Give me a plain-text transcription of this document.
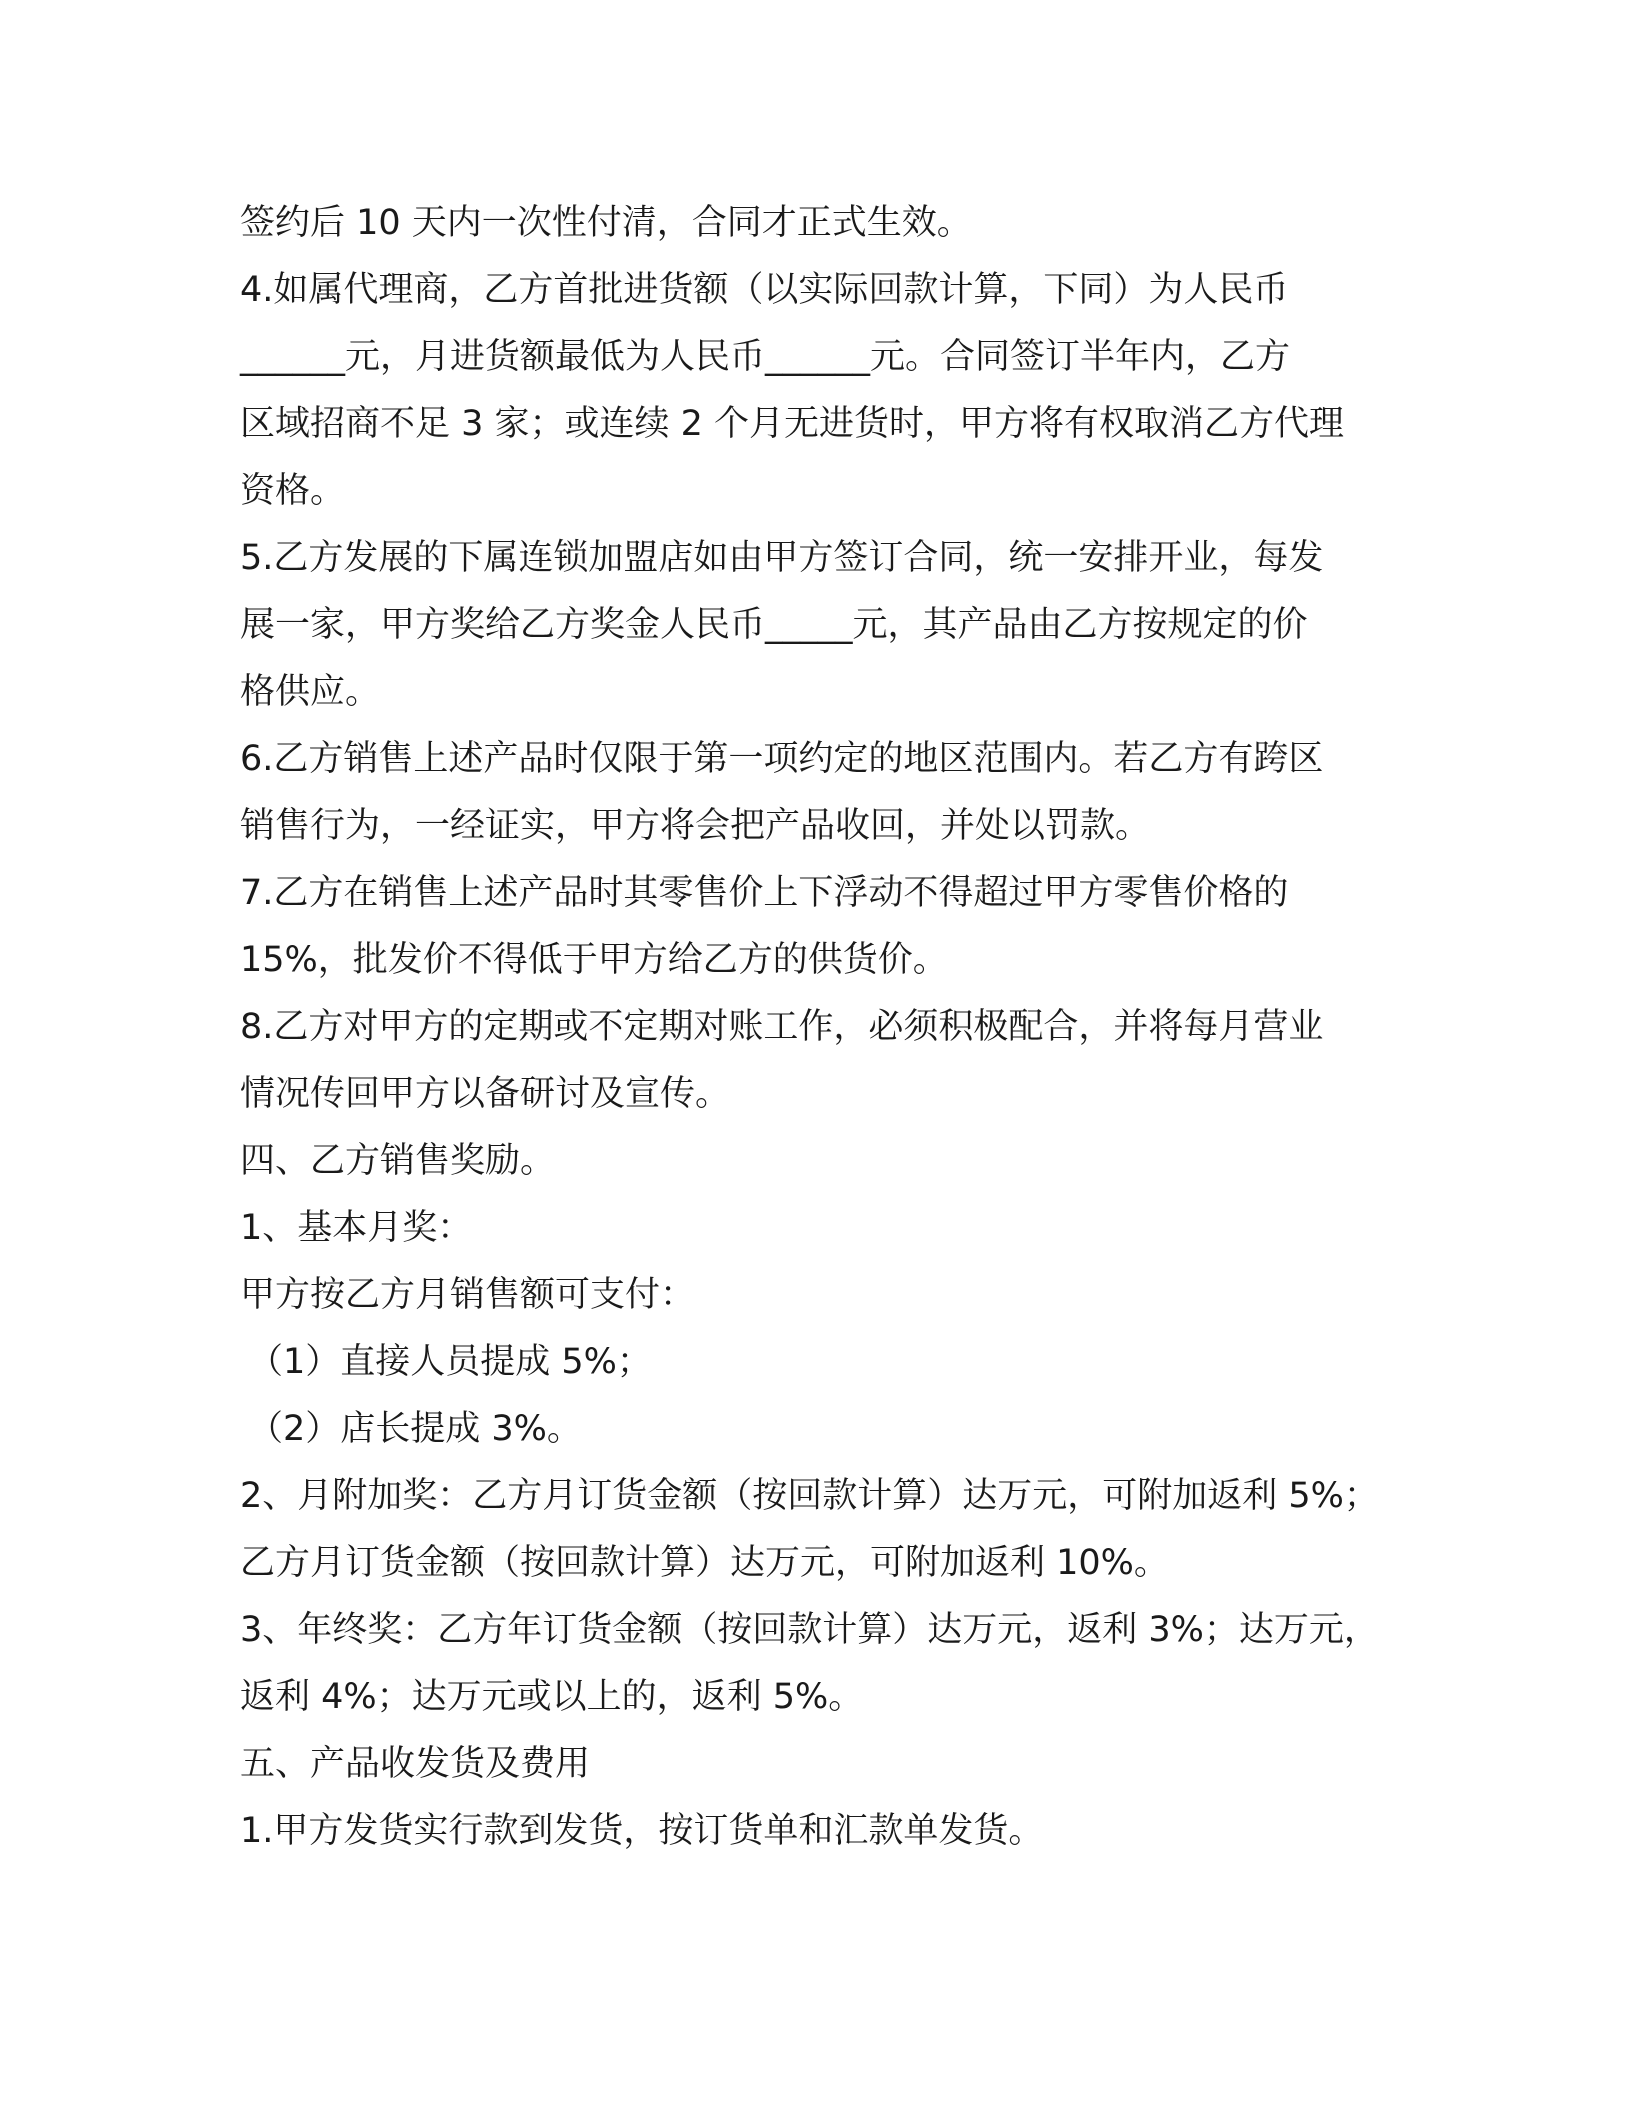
签约后 10 天内一次性付清，合同才正式生效。
4.如属代理商，乙方首批进货额（以实际回款计算，下同）为人民币
______元，月进货额最低为人民币______元。合同签订半年内，乙方
区域招商不足 3 家；或连续 2 个月无进货时，甲方将有权取消乙方代理
资格。
5.乙方发展的下属连锁加盟店如由甲方签订合同，统一安排开业，每发
展一家，甲方奖给乙方奖金人民币_____元，其产品由乙方按规定的价
格供应。
6.乙方销售上述产品时仅限于第一项约定的地区范围内。若乙方有跨区
销售行为，一经证实，甲方将会把产品收回，并处以罚款。
7.乙方在销售上述产品时其零售价上下浮动不得超过甲方零售价格的
15%，批发价不得低于甲方给乙方的供货价。
8.乙方对甲方的定期或不定期对账工作，必须积极配合，并将每月营业
情况传回甲方以备研讨及宣传。
四、乙方销售奖励。
1、基本月奖：
甲方按乙方月销售额可支付：
（1）直接人员提成 5%；
（2）店长提成 3%。
2、月附加奖：乙方月订货金额（按回款计算）达万元，可附加返利 5%；
乙方月订货金额（按回款计算）达万元，可附加返利 10%。
3、年终奖：乙方年订货金额（按回款计算）达万元，返利 3%；达万元，
返利 4%；达万元或以上的，返利 5%。
五、产品收发货及费用
1.甲方发货实行款到发货，按订货单和汇款单发货。
